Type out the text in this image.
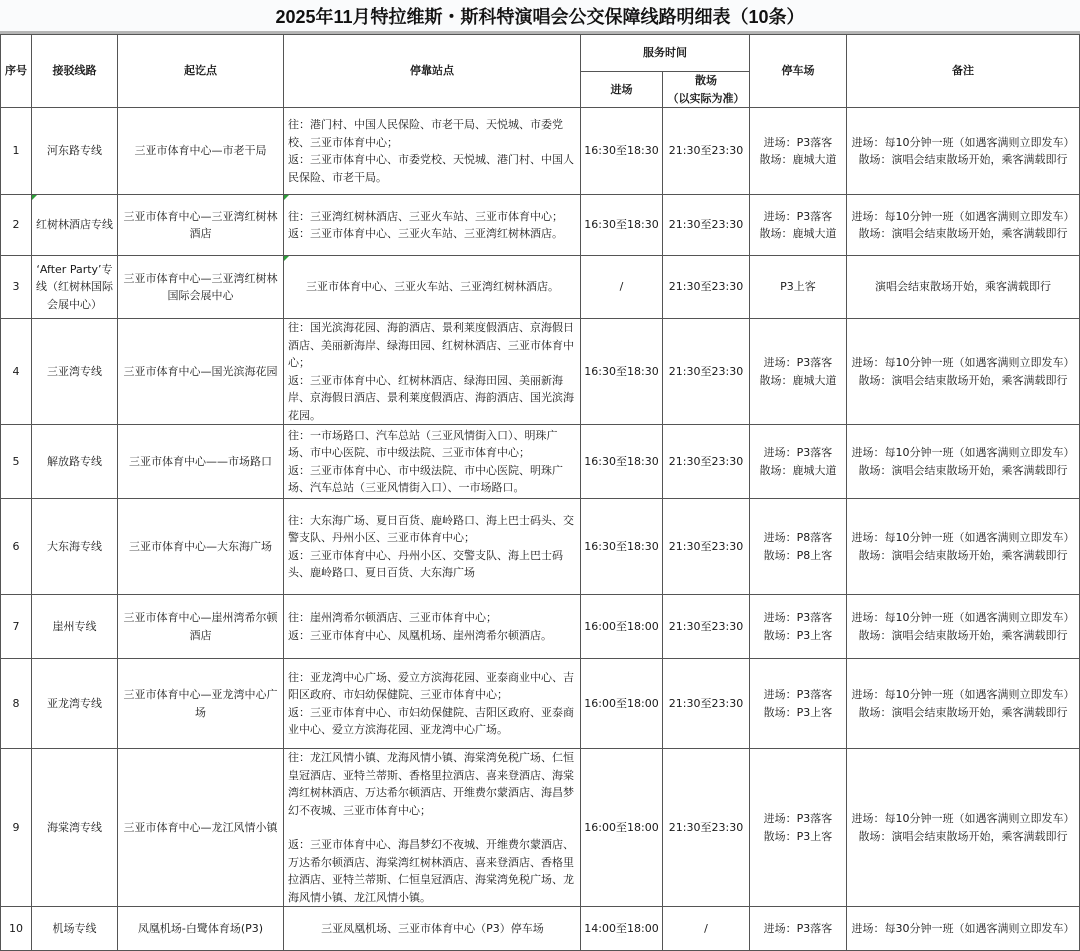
2025年11月特拉维斯・斯科特演唱会公交保障线路明细表（10条）
序号	接驳线路	起讫点	停靠站点	服务时间		停车场	备注
				进场	散场
（以实际为准）		

1	河东路专线	三亚市体育中心—市老干局	往：港门村、中国人民保险、市老干局、天悦城、市委党校、三亚市体育中心；
返：三亚市体育中心、市委党校、天悦城、港门村、中国人民保险、市老干局。	16:30至18:30	21:30至23:30	进场：P3落客
散场：鹿城大道	进场：每10分钟一班（如遇客满则立即发车）
散场：演唱会结束散场开始，乘客满载即行

2	红树林酒店专线	三亚市体育中心—三亚湾红树林酒店	往：三亚湾红树林酒店、三亚火车站、三亚市体育中心；
返：三亚市体育中心、三亚火车站、三亚湾红树林酒店。	16:30至18:30	21:30至23:30	进场：P3落客
散场：鹿城大道	进场：每10分钟一班（如遇客满则立即发车）
散场：演唱会结束散场开始，乘客满载即行

3	‘After Party’专线（红树林国际会展中心）	三亚市体育中心—三亚湾红树林国际会展中心	三亚市体育中心、三亚火车站、三亚湾红树林酒店。	/	21:30至23:30	P3上客	演唱会结束散场开始，乘客满载即行

4	三亚湾专线	三亚市体育中心—国光滨海花园	往：国光滨海花园、海韵酒店、景利莱度假酒店、京海假日酒店、美丽新海岸、绿海田园、红树林酒店、三亚市体育中心；
返：三亚市体育中心、红树林酒店、绿海田园、美丽新海岸、京海假日酒店、景利莱度假酒店、海韵酒店、国光滨海花园。	16:30至18:30	21:30至23:30	进场：P3落客
散场：鹿城大道	进场：每10分钟一班（如遇客满则立即发车）
散场：演唱会结束散场开始，乘客满载即行

5	解放路专线	三亚市体育中心——市场路口	往：一市场路口、汽车总站（三亚风情街入口）、明珠广场、市中心医院、市中级法院、三亚市体育中心；
返：三亚市体育中心、市中级法院、市中心医院、明珠广场、汽车总站（三亚风情街入口）、一市场路口。	16:30至18:30	21:30至23:30	进场：P3落客
散场：鹿城大道	进场：每10分钟一班（如遇客满则立即发车）
散场：演唱会结束散场开始，乘客满载即行

6	大东海专线	三亚市体育中心—大东海广场	往：大东海广场、夏日百货、鹿岭路口、海上巴士码头、交警支队、丹州小区、三亚市体育中心；
返：三亚市体育中心、丹州小区、交警支队、海上巴士码头、鹿岭路口、夏日百货、大东海广场	16:30至18:30	21:30至23:30	进场：P8落客
散场：P8上客	进场：每10分钟一班（如遇客满则立即发车）
散场：演唱会结束散场开始，乘客满载即行

7	崖州专线	三亚市体育中心—崖州湾希尔顿酒店	往：崖州湾希尔顿酒店、三亚市体育中心；
返：三亚市体育中心、凤凰机场、崖州湾希尔顿酒店。	16:00至18:00	21:30至23:30	进场：P3落客
散场：P3上客	进场：每10分钟一班（如遇客满则立即发车）
散场：演唱会结束散场开始，乘客满载即行

8	亚龙湾专线	三亚市体育中心—亚龙湾中心广场	往：亚龙湾中心广场、爱立方滨海花园、亚泰商业中心、吉阳区政府、市妇幼保健院、三亚市体育中心；
返：三亚市体育中心、市妇幼保健院、吉阳区政府、亚泰商业中心、爱立方滨海花园、亚龙湾中心广场。	16:00至18:00	21:30至23:30	进场：P3落客
散场：P3上客	进场：每10分钟一班（如遇客满则立即发车）
散场：演唱会结束散场开始，乘客满载即行

9	海棠湾专线	三亚市体育中心—龙江风情小镇	往：龙江风情小镇、龙海风情小镇、海棠湾免税广场、仁恒皇冠酒店、亚特兰蒂斯、香格里拉酒店、喜来登酒店、海棠湾红树林酒店、万达希尔顿酒店、开维费尔蒙酒店、海昌梦幻不夜城、三亚市体育中心；
返：三亚市体育中心、海昌梦幻不夜城、开维费尔蒙酒店、万达希尔顿酒店、海棠湾红树林酒店、喜来登酒店、香格里拉酒店、亚特兰蒂斯、仁恒皇冠酒店、海棠湾免税广场、龙海风情小镇、龙江风情小镇。	16:00至18:00	21:30至23:30	进场：P3落客
散场：P3上客	进场：每10分钟一班（如遇客满则立即发车）
散场：演唱会结束散场开始，乘客满载即行

10	机场专线	凤凰机场-白鹭体育场(P3)	三亚凤凰机场、三亚市体育中心（P3）停车场	14:00至18:00	/	进场：P3落客	进场：每30分钟一班（如遇客满则立即发车）
